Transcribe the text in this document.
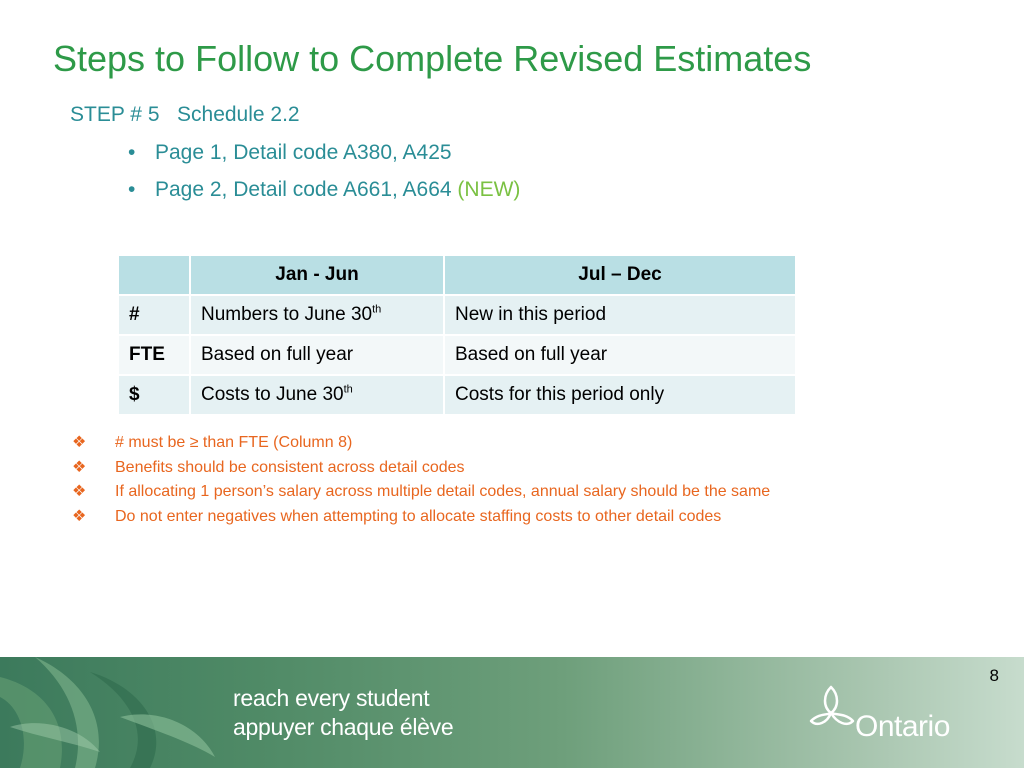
Steps to Follow to Complete Revised Estimates
STEP # 5 Schedule 2.2
• Page 1, Detail code A380, A425
• Page 2, Detail code A661, A664 (NEW)
	Jan - Jun	Jul – Dec
#	Numbers to June 30th	New in this period
FTE	Based on full year	Based on full year
$	Costs to June 30th	Costs for this period only
❖ # must be ≥ than FTE (Column 8)
❖ Benefits should be consistent across detail codes
❖ If allocating 1 person’s salary across multiple detail codes, annual salary should be the same
❖ Do not enter negatives when attempting to allocate staffing costs to other detail codes
reach every student
appuyer chaque élève
8
Ontario
